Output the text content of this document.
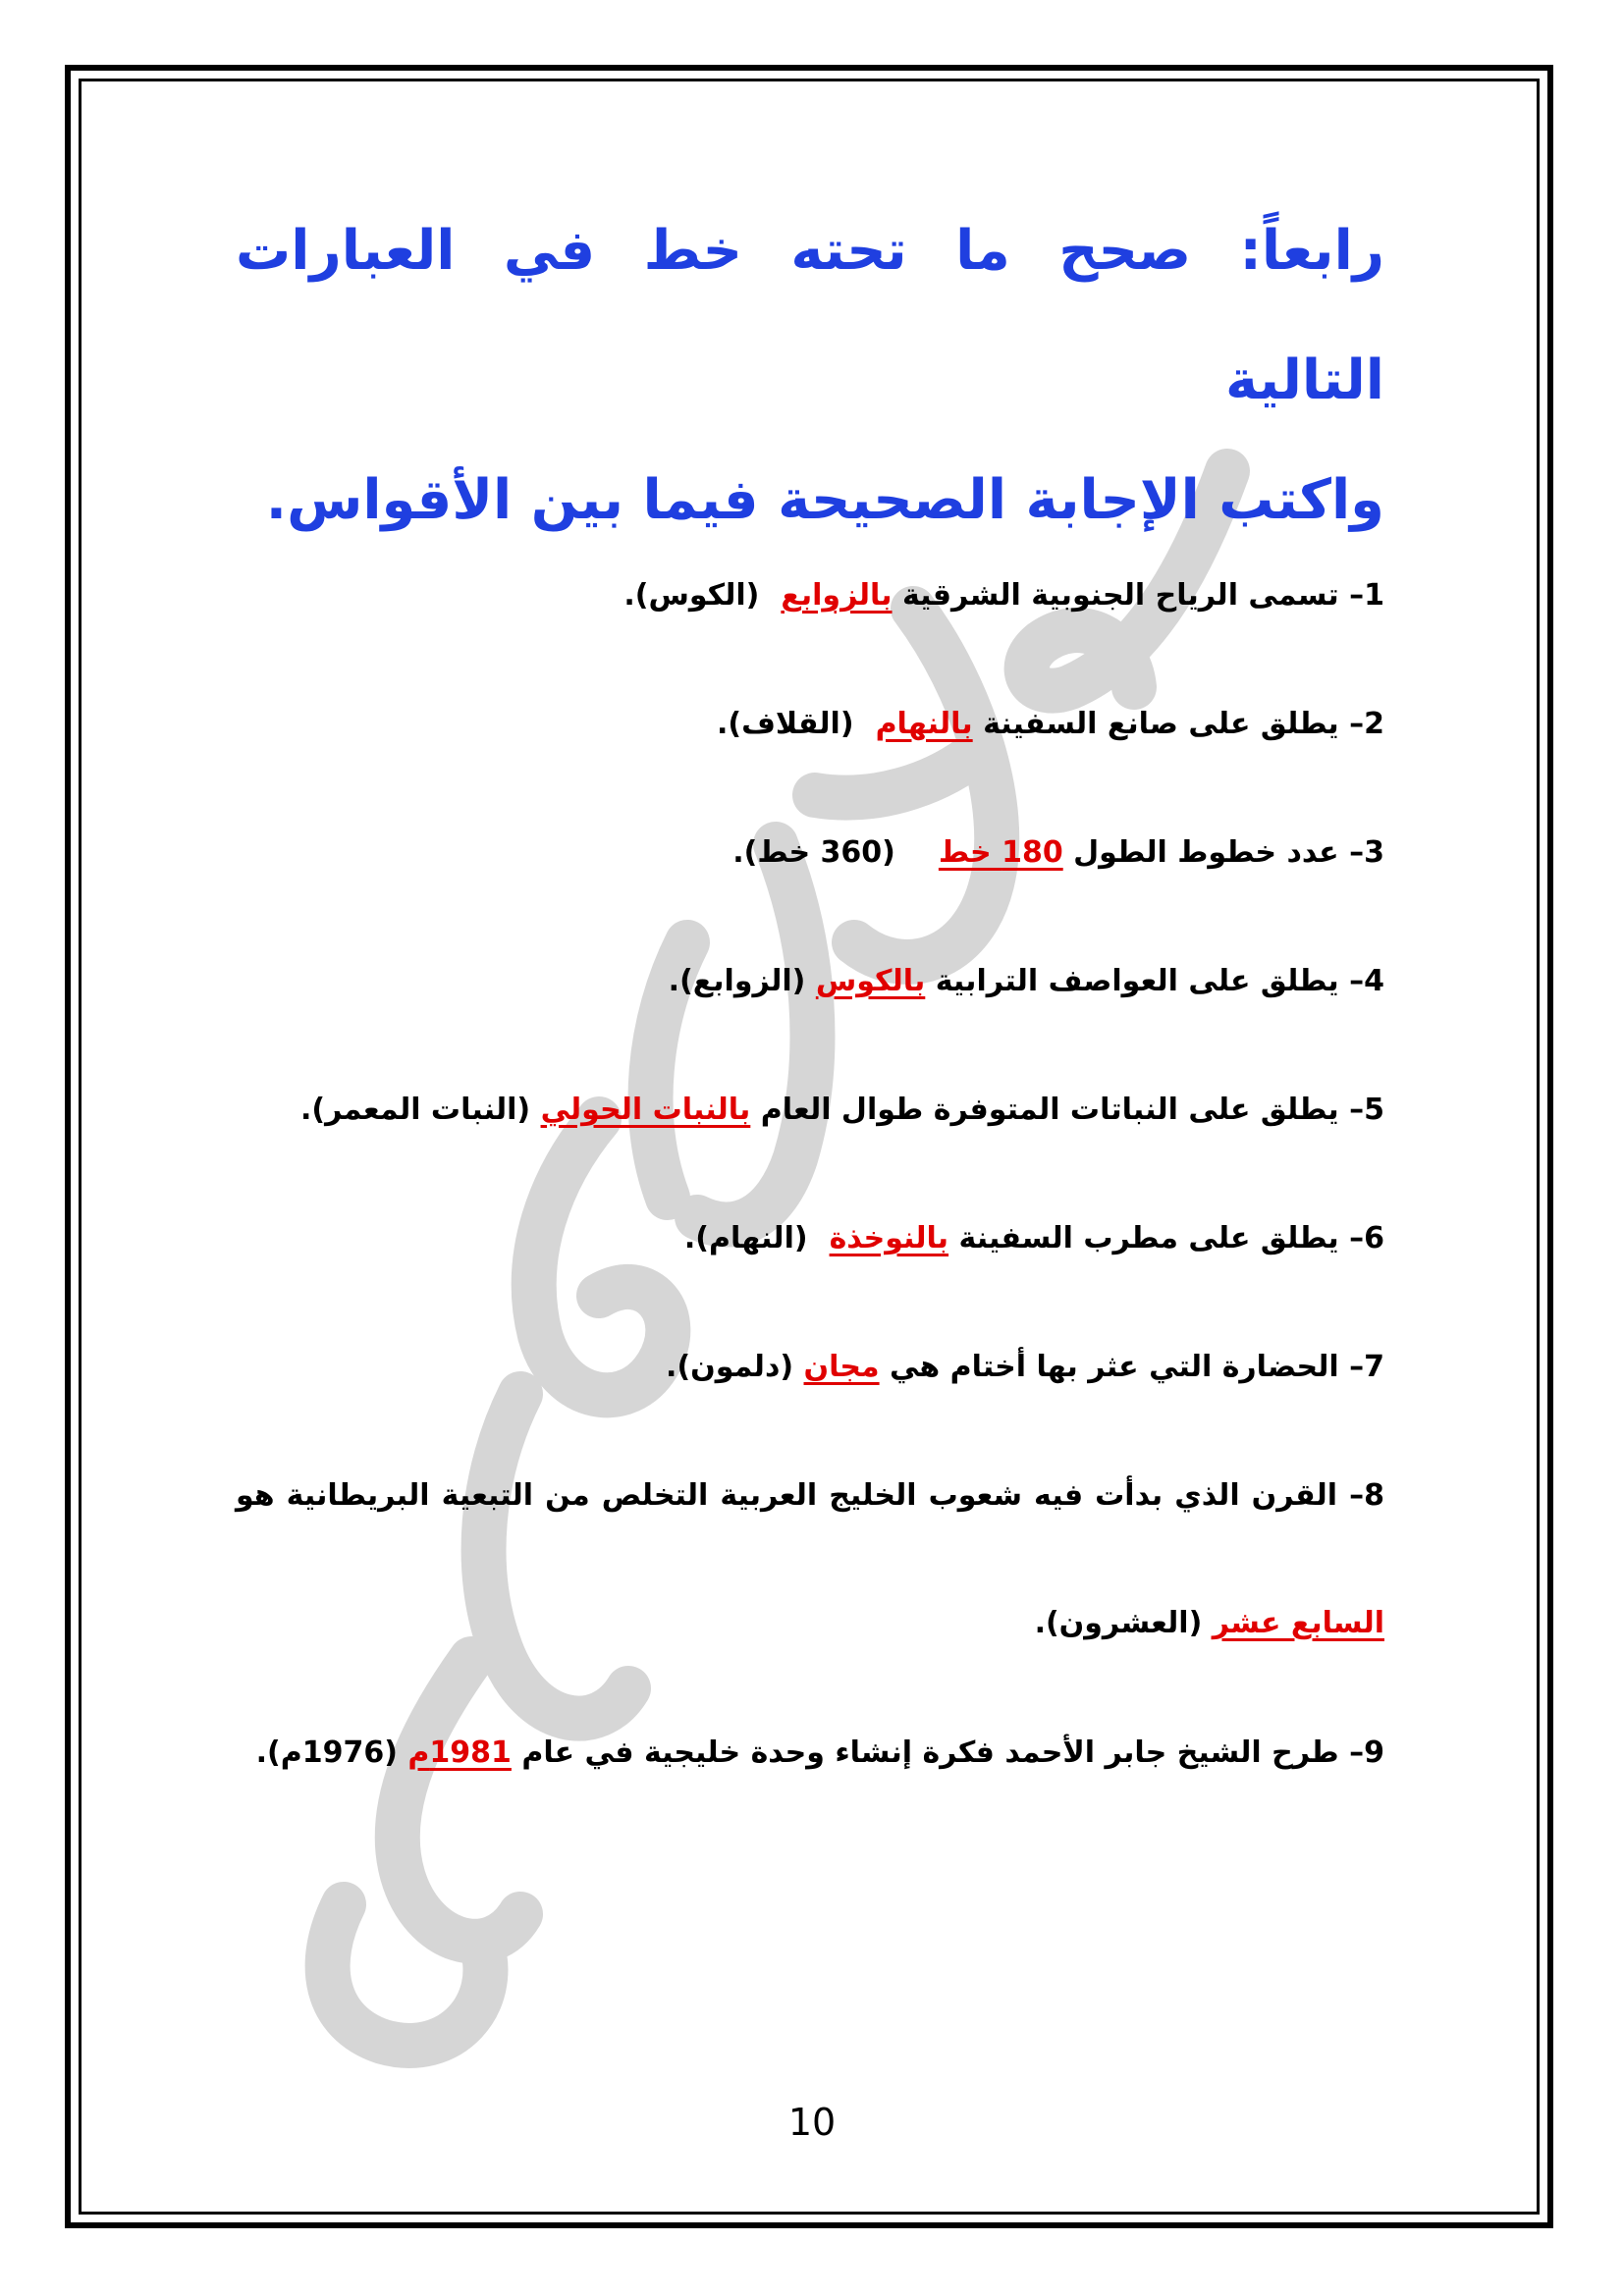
رابعاً: صحح ما تحته خط في العبارات التالية

واكتب الإجابة الصحيحة فيما بين الأقواس.

1– تسمى الرياح الجنوبية الشرقية بالزوابع(الكوس).

2– يطلق على صانع السفينة بالنهام(القلاف).

3– عدد خطوط الطول 180 خط(360 خط).

4– يطلق على العواصف الترابية بالكوس (الزوابع).

5– يطلق على النباتات المتوفرة طوال العام بالنبات الحولي (النبات المعمر).

6– يطلق على مطرب السفينة بالنوخذة(النهام).

7– الحضارة التي عثر بها أختام هي مجان (دلمون).

8– القرن الذي بدأت فيه شعوب الخليج العربية التخلص من التبعية البريطانية هو السابع عشر (العشرون).

9– طرح الشيخ جابر الأحمد فكرة إنشاء وحدة خليجية في عام 1981م (1976م).

10
